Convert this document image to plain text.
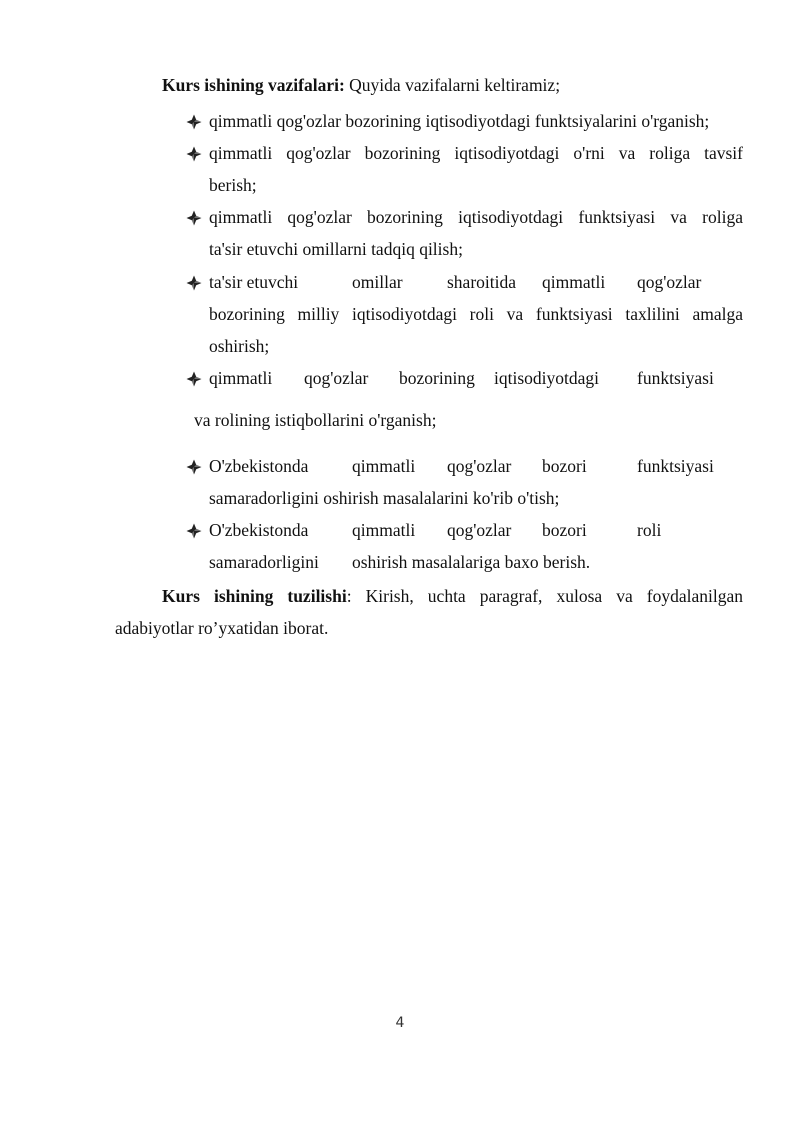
Kurs ishining vazifalari: Quyida vazifalarni keltiramiz;
qimmatli qog'ozlar bozorining iqtisodiyotdagi funktsiyalarini o'rganish;
qimmatli qog'ozlar bozorining iqtisodiyotdagi o'rni va roliga tavsif
berish;
qimmatli qog'ozlar bozorining iqtisodiyotdagi funktsiyasi va roliga
ta'sir etuvchi omillarni tadqiq qilish;
ta'sir etuvchi	omillar	sharoitida qimmatli qog'ozlar
bozorining milliy iqtisodiyotdagi roli va funktsiyasi taxlilini amalga
oshirish;
qimmatli qog'ozlar bozorining iqtisodiyotdagi funktsiyasi
va rolining istiqbollarini o'rganish;
O'zbekistonda qimmatli qog'ozlar bozori	funktsiyasi
samaradorligini oshirish masalalarini ko'rib o'tish;
O'zbekistonda qimmatli qog'ozlar bozori	roli
samaradorligini oshirish masalalariga baxo berish.
Kurs ishining tuzilishi: Kirish, uchta paragraf, xulosa va foydalanilgan
adabiyotlar ro’yxatidan iborat.
4
